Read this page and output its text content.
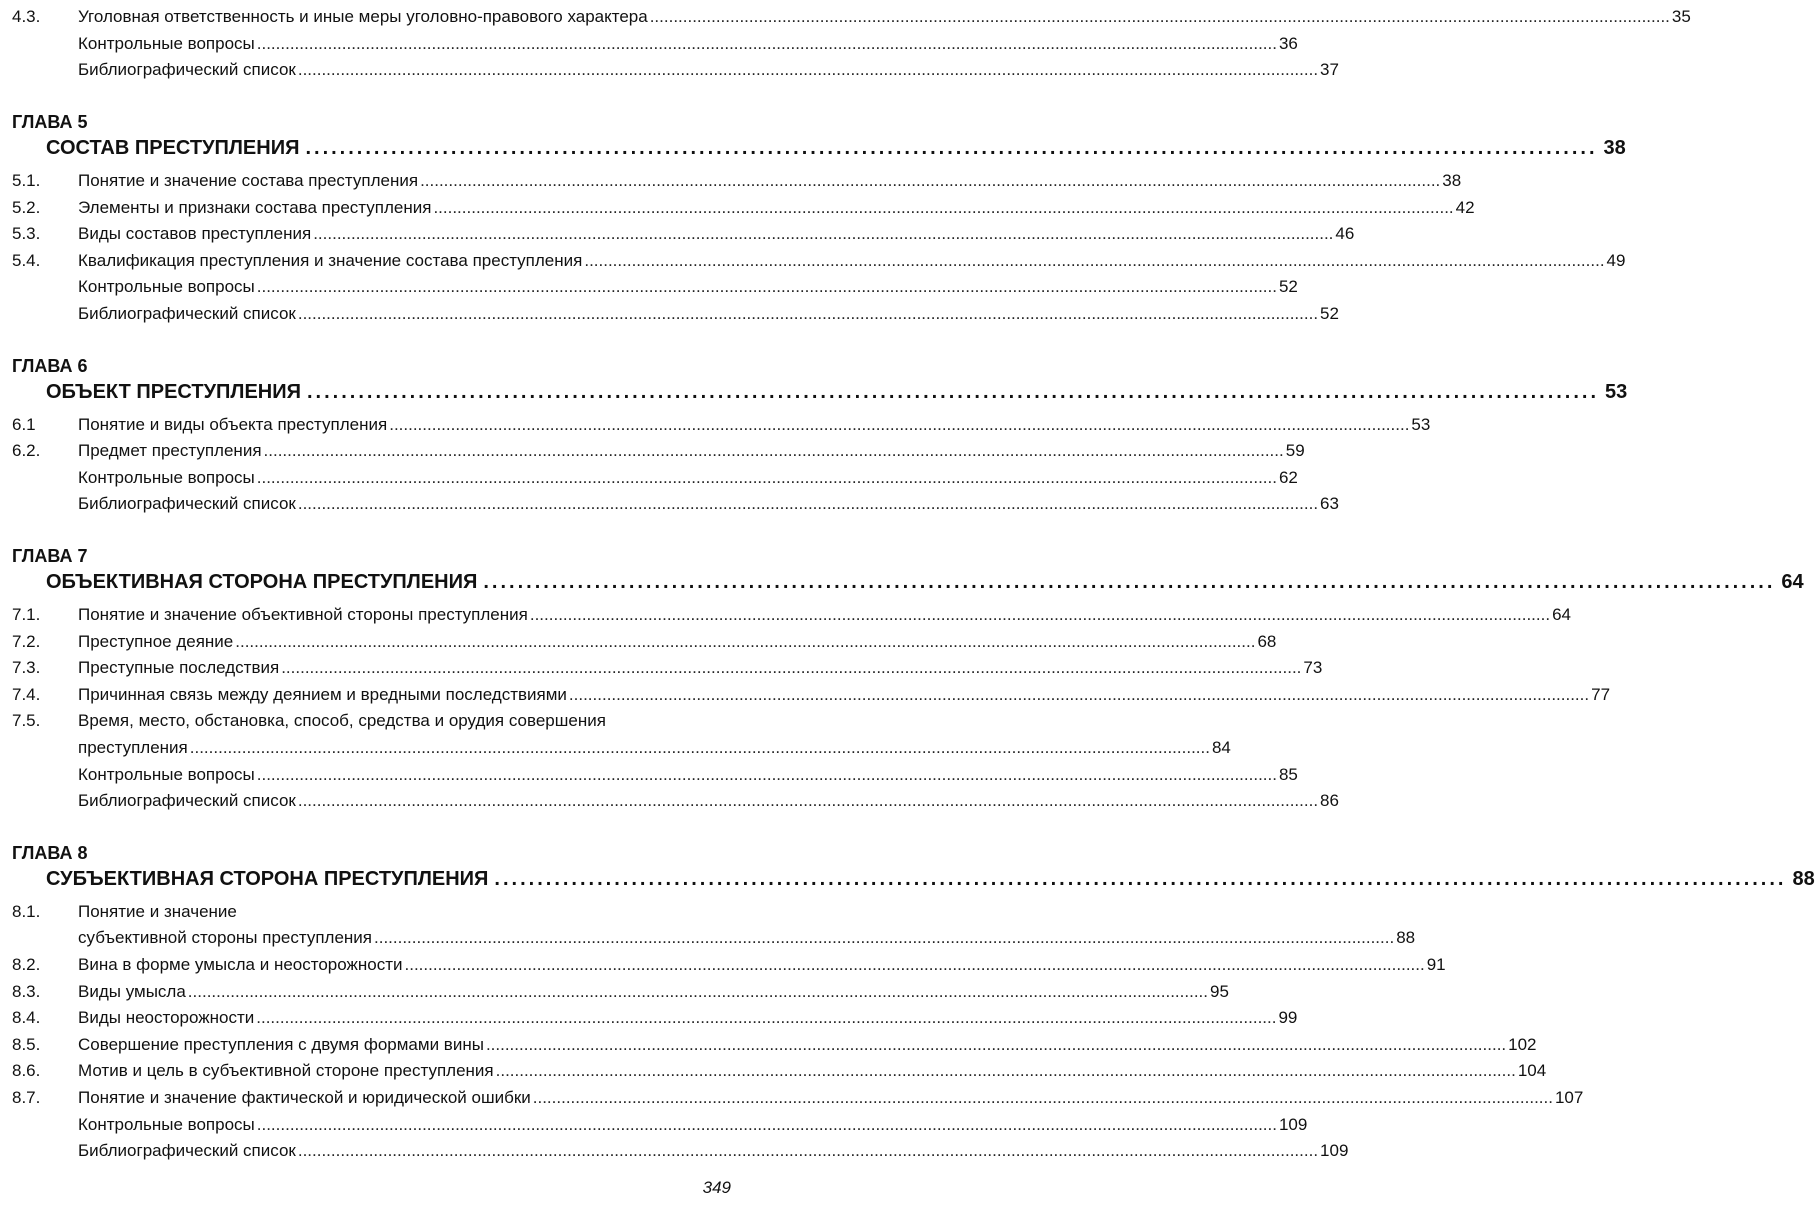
4.3.	Уголовная ответственность и иные меры уголовно-правового характера .....	35
Контрольные вопросы .....	36
Библиографический список .....	37
ГЛАВА 5
СОСТАВ ПРЕСТУПЛЕНИЯ .....	38
5.1.	Понятие и значение состава преступления .....	38
5.2.	Элементы и признаки состава преступления .....	42
5.3.	Виды составов преступления .....	46
5.4.	Квалификация преступления и значение состава преступления .....	49
Контрольные вопросы .....	52
Библиографический список .....	52
ГЛАВА 6
ОБЪЕКТ ПРЕСТУПЛЕНИЯ .....	53
6.1	Понятие и виды объекта преступления .....	53
6.2.	Предмет преступления .....	59
Контрольные вопросы .....	62
Библиографический список .....	63
ГЛАВА 7
ОБЪЕКТИВНАЯ СТОРОНА ПРЕСТУПЛЕНИЯ .....	64
7.1.	Понятие и значение объективной стороны преступления .....	64
7.2.	Преступное деяние .....	68
7.3.	Преступные последствия .....	73
7.4.	Причинная связь между деянием и вредными последствиями .....	77
7.5.	Время, место, обстановка, способ, средства и орудия совершения
преступления .....	84
Контрольные вопросы .....	85
Библиографический список .....	86
ГЛАВА 8
СУБЪЕКТИВНАЯ СТОРОНА ПРЕСТУПЛЕНИЯ .....	88
8.1.	Понятие и значение
субъективной стороны преступления .....	88
8.2.	Вина в форме умысла и неосторожности .....	91
8.3.	Виды умысла .....	95
8.4.	Виды неосторожности .....	99
8.5.	Совершение преступления с двумя формами вины .....	102
8.6.	Мотив и цель в субъективной стороне преступления .....	104
8.7.	Понятие и значение фактической и юридической ошибки .....	107
Контрольные вопросы .....	109
Библиографический список .....	109
349
